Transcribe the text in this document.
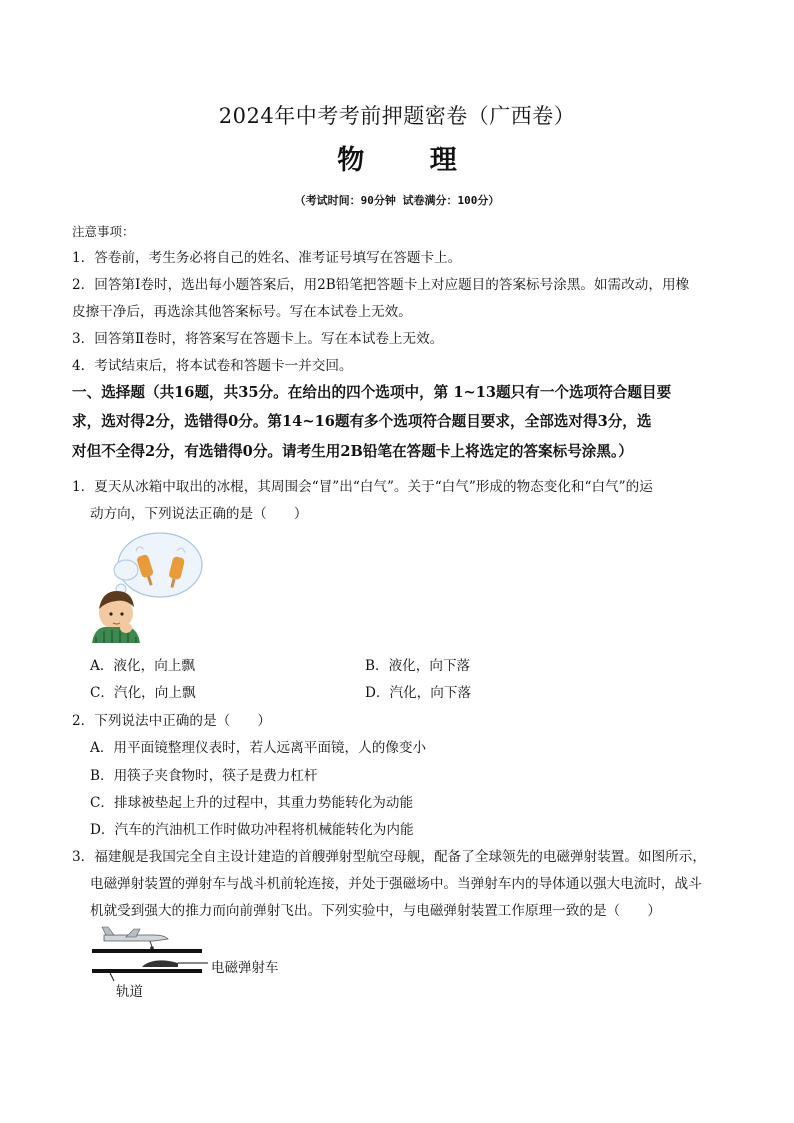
2024年中考考前押题密卷（广西卷）
物 理
（考试时间：90分钟 试卷满分：100分）
注意事项：
1．答卷前，考生务必将自己的姓名、准考证号填写在答题卡上。
2．回答第Ⅰ卷时，选出每小题答案后，用2B铅笔把答题卡上对应题目的答案标号涂黑。如需改动，用橡
皮擦干净后，再选涂其他答案标号。写在本试卷上无效。
3．回答第Ⅱ卷时，将答案写在答题卡上。写在本试卷上无效。
4．考试结束后，将本试卷和答题卡一并交回。
一、选择题（共16题，共35分。在给出的四个选项中，第 1~13题只有一个选项符合题目要
求，选对得2分，选错得0分。第14~16题有多个选项符合题目要求，全部选对得3分，选
对但不全得2分，有选错得0分。请考生用2B铅笔在答题卡上将选定的答案标号涂黑。）
1．夏天从冰箱中取出的冰棍，其周围会“冒”出“白气”。关于“白气”形成的物态变化和“白气”的运
动方向，下列说法正确的是（　　）
A．液化，向上飘	B．液化，向下落
C．汽化，向上飘	D．汽化，向下落
2．下列说法中正确的是（　　）
A．用平面镜整理仪表时，若人远离平面镜，人的像变小
B．用筷子夹食物时，筷子是费力杠杆
C．排球被垫起上升的过程中，其重力势能转化为动能
D．汽车的汽油机工作时做功冲程将机械能转化为内能
3．福建舰是我国完全自主设计建造的首艘弹射型航空母舰，配备了全球领先的电磁弹射装置。如图所示，
电磁弹射装置的弹射车与战斗机前轮连接，并处于强磁场中。当弹射车内的导体通以强大电流时，战斗
机就受到强大的推力而向前弹射飞出。下列实验中，与电磁弹射装置工作原理一致的是（　　）
电磁弹射车
轨道
